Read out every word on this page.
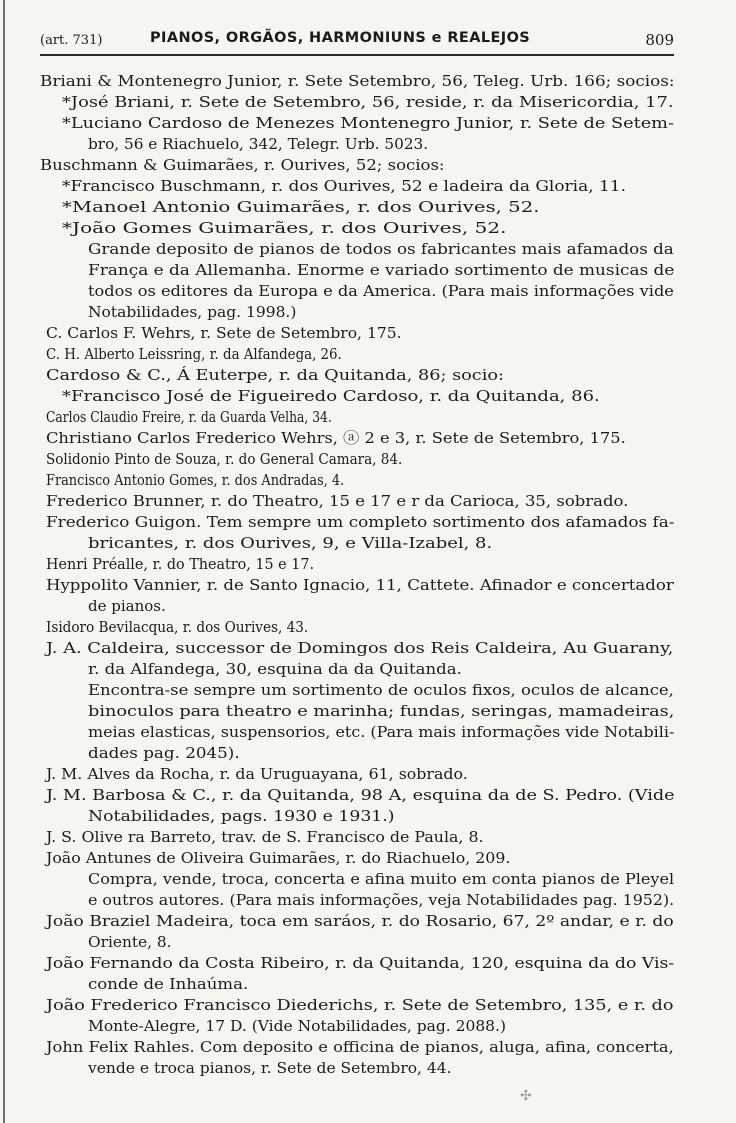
(art. 731)	PIANOS, ORGÃOS, HARMONIUNS e REALEJOS	809
Briani & Montenegro Junior, r. Sete Setembro, 56, Teleg. Urb. 166; socios:
*José Briani, r. Sete de Setembro, 56, reside, r. da Misericordia, 17.
*Luciano Cardoso de Menezes Montenegro Junior, r. Sete de Setem-
bro, 56 e Riachuelo, 342, Telegr. Urb. 5023.
Buschmann & Guimarães, r. Ourives, 52; socios:
*Francisco Buschmann, r. dos Ourives, 52 e ladeira da Gloria, 11.
*Manoel Antonio Guimarães, r. dos Ourives, 52.
*João Gomes Guimarães, r. dos Ourives, 52.
Grande deposito de pianos de todos os fabricantes mais afamados da
França e da Allemanha. Enorme e variado sortimento de musicas de
todos os editores da Europa e da America. (Para mais informações vide
Notabilidades, pag. 1998.)
C. Carlos F. Wehrs, r. Sete de Setembro, 175.
C. H. Alberto Leissring, r. da Alfandega, 26.
Cardoso & C., Á Euterpe, r. da Quitanda, 86; socio:
*Francisco José de Figueiredo Cardoso, r. da Quitanda, 86.
Carlos Claudio Freire, r. da Guarda Velha, 34.
Christiano Carlos Frederico Wehrs, ⓐ 2 e 3, r. Sete de Setembro, 175.
Solidonio Pinto de Souza, r. do General Camara, 84.
Francisco Antonio Gomes, r. dos Andradas, 4.
Frederico Brunner, r. do Theatro, 15 e 17 e r da Carioca, 35, sobrado.
Frederico Guigon. Tem sempre um completo sortimento dos afamados fa-
bricantes, r. dos Ourives, 9, e Villa-Izabel, 8.
Henri Préalle, r. do Theatro, 15 e 17.
Hyppolito Vannier, r. de Santo Ignacio, 11, Cattete. Afinador e concertador
de pianos.
Isidoro Bevilacqua, r. dos Ourives, 43.
J. A. Caldeira, successor de Domingos dos Reis Caldeira, Au Guarany,
r. da Alfandega, 30, esquina da da Quitanda.
Encontra-se sempre um sortimento de oculos fixos, oculos de alcance,
binoculos para theatro e marinha; fundas, seringas, mamadeiras,
meias elasticas, suspensorios, etc. (Para mais informações vide Notabili-
dades pag. 2045).
J. M. Alves da Rocha, r. da Uruguayana, 61, sobrado.
J. M. Barbosa & C., r. da Quitanda, 98 A, esquina da de S. Pedro. (Vide
Notabilidades, pags. 1930 e 1931.)
J. S. Olive ra Barreto, trav. de S. Francisco de Paula, 8.
João Antunes de Oliveira Guimarães, r. do Riachuelo, 209.
Compra, vende, troca, concerta e afina muito em conta pianos de Pleyel
e outros autores. (Para mais informações, veja Notabilidades pag. 1952).
João Braziel Madeira, toca em saráos, r. do Rosario, 67, 2º andar, e r. do
Oriente, 8.
João Fernando da Costa Ribeiro, r. da Quitanda, 120, esquina da do Vis-
conde de Inhaúma.
João Frederico Francisco Diederichs, r. Sete de Setembro, 135, e r. do
Monte-Alegre, 17 D. (Vide Notabilidades, pag. 2088.)
John Felix Rahles. Com deposito e officina de pianos, aluga, afina, concerta,
vende e troca pianos, r. Sete de Setembro, 44.
✣
